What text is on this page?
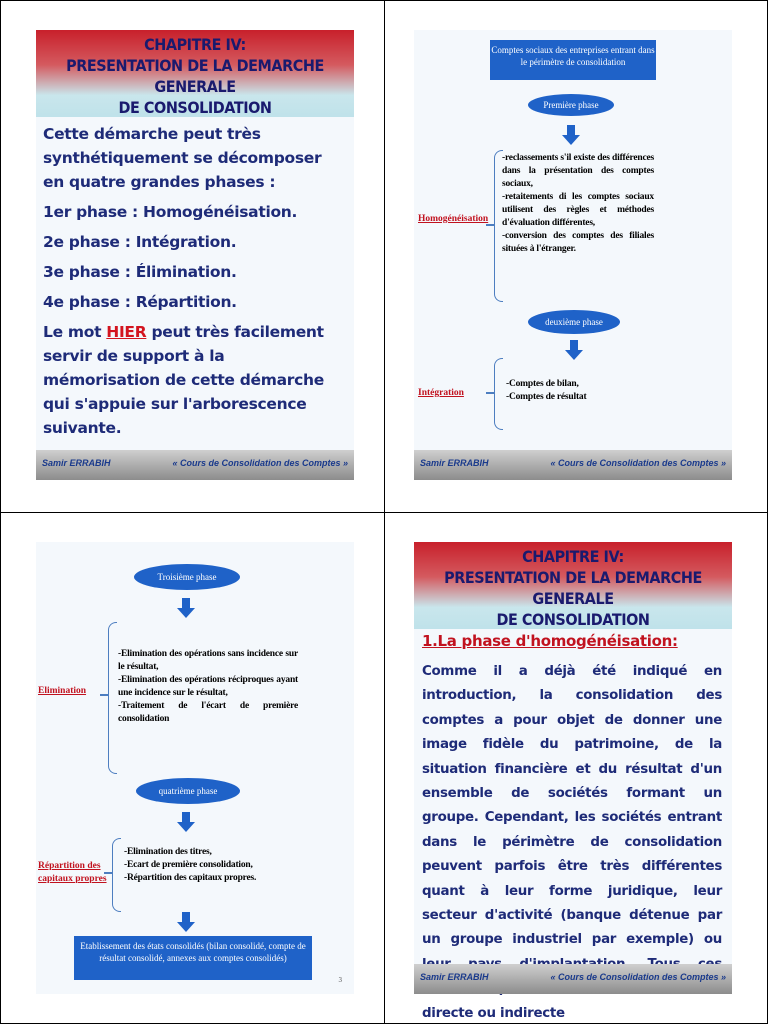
CHAPITRE IV:
PRESENTATION DE LA DEMARCHE GENERALE
DE CONSOLIDATION

Cette démarche peut très synthétiquement se décomposer en quatre grandes phases :

1er phase : Homogénéisation.

2e phase : Intégration.

3e phase : Élimination.

4e phase : Répartition.

Le mot HIER peut très facilement servir de support à la mémorisation de cette démarche qui s'appuie sur l'arborescence suivante.

Samir ERRABIH	« Cours de Consolidation des Comptes »
Comptes sociaux des entreprises entrant dans le périmètre de consolidation
Première phase
Homogénéisation
-reclassements s'il existe des différences dans la présentation des comptes sociaux,
-retaitements di les comptes sociaux utilisent des règles et méthodes d'évaluation différentes,
-conversion des comptes des filiales situées à l'étranger.
deuxième phase
Intégration
-Comptes de bilan,
-Comptes de résultat
Samir ERRABIH	« Cours de Consolidation des Comptes »
Troisième phase
Elimination
-Elimination des opérations sans incidence sur le résultat,
-Elimination des opérations réciproques ayant une incidence sur le résultat,
-Traitement de l'écart de première consolidation
quatrième phase
Répartition des capitaux propres
-Elimination des titres,
-Ecart de première consolidation,
-Répartition des capitaux propres.
Etablissement des états consolidés (bilan consolidé, compte de résultat consolidé, annexes aux comptes consolidés)
3
CHAPITRE IV:
PRESENTATION DE LA DEMARCHE GENERALE
DE CONSOLIDATION
1.La phase d'homogénéisation:
Comme il a déjà été indiqué en introduction, la consolidation des comptes a pour objet de donner une image fidèle du patrimoine, de la situation financière et du résultat d'un ensemble de sociétés formant un groupe. Cependant, les sociétés entrant dans le périmètre de consolidation peuvent parfois être très différentes quant à leur forme juridique, leur secteur d'activité (banque détenue par un groupe industriel par exemple) ou directe ou indirecte
Samir ERRABIH	« Cours de Consolidation des Comptes »
